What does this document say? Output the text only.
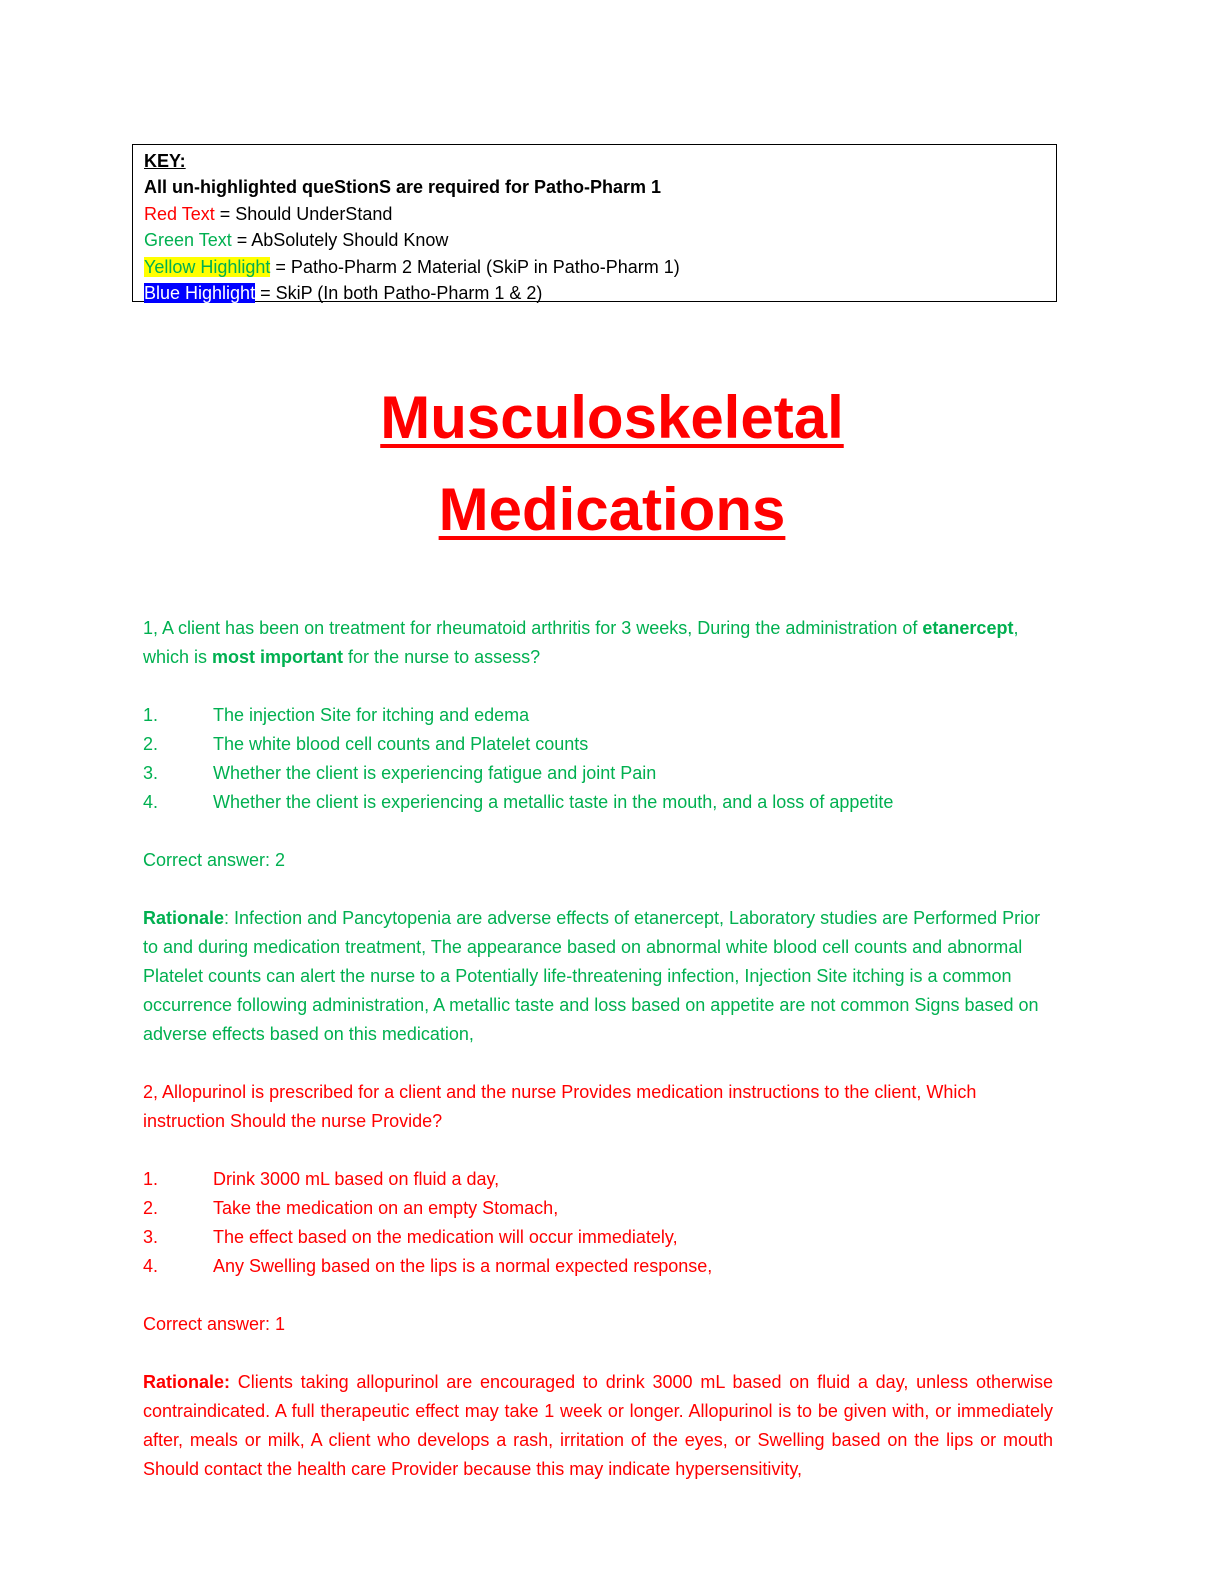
KEY:
All un-highlighted queStionS are required for Patho-Pharm 1
Red Text = Should UnderStand
Green Text = AbSolutely Should Know
Yellow Highlight = Patho-Pharm 2 Material (SkiP in Patho-Pharm 1)
Blue Highlight = SkiP (In both Patho-Pharm 1 & 2)
Musculoskeletal
Medications

1, A client has been on treatment for rheumatoid arthritis for 3 weeks, During the administration of etanercept, which is most important for the nurse to assess?

1.	The injection Site for itching and edema
2.	The white blood cell counts and Platelet counts
3.	Whether the client is experiencing fatigue and joint Pain
4.	Whether the client is experiencing a metallic taste in the mouth, and a loss of appetite

Correct answer: 2

Rationale: Infection and Pancytopenia are adverse effects of etanercept, Laboratory studies are Performed Prior to and during medication treatment, The appearance based on abnormal white blood cell counts and abnormal Platelet counts can alert the nurse to a Potentially life-threatening infection, Injection Site itching is a common occurrence following administration, A metallic taste and loss based on appetite are not common Signs based on adverse effects based on this medication,

2, Allopurinol is prescribed for a client and the nurse Provides medication instructions to the client, Which instruction Should the nurse Provide?

1.	Drink 3000 mL based on fluid a day,
2.	Take the medication on an empty Stomach,
3.	The effect based on the medication will occur immediately,
4.	Any Swelling based on the lips is a normal expected response,

Correct answer: 1

Rationale: Clients taking allopurinol are encouraged to drink 3000 mL based on fluid a day, unless otherwise contraindicated. A full therapeutic effect may take 1 week or longer. Allopurinol is to be given with, or immediately after, meals or milk, A client who develops a rash, irritation of the eyes, or Swelling based on the lips or mouth Should contact the health care Provider because this may indicate hypersensitivity,
